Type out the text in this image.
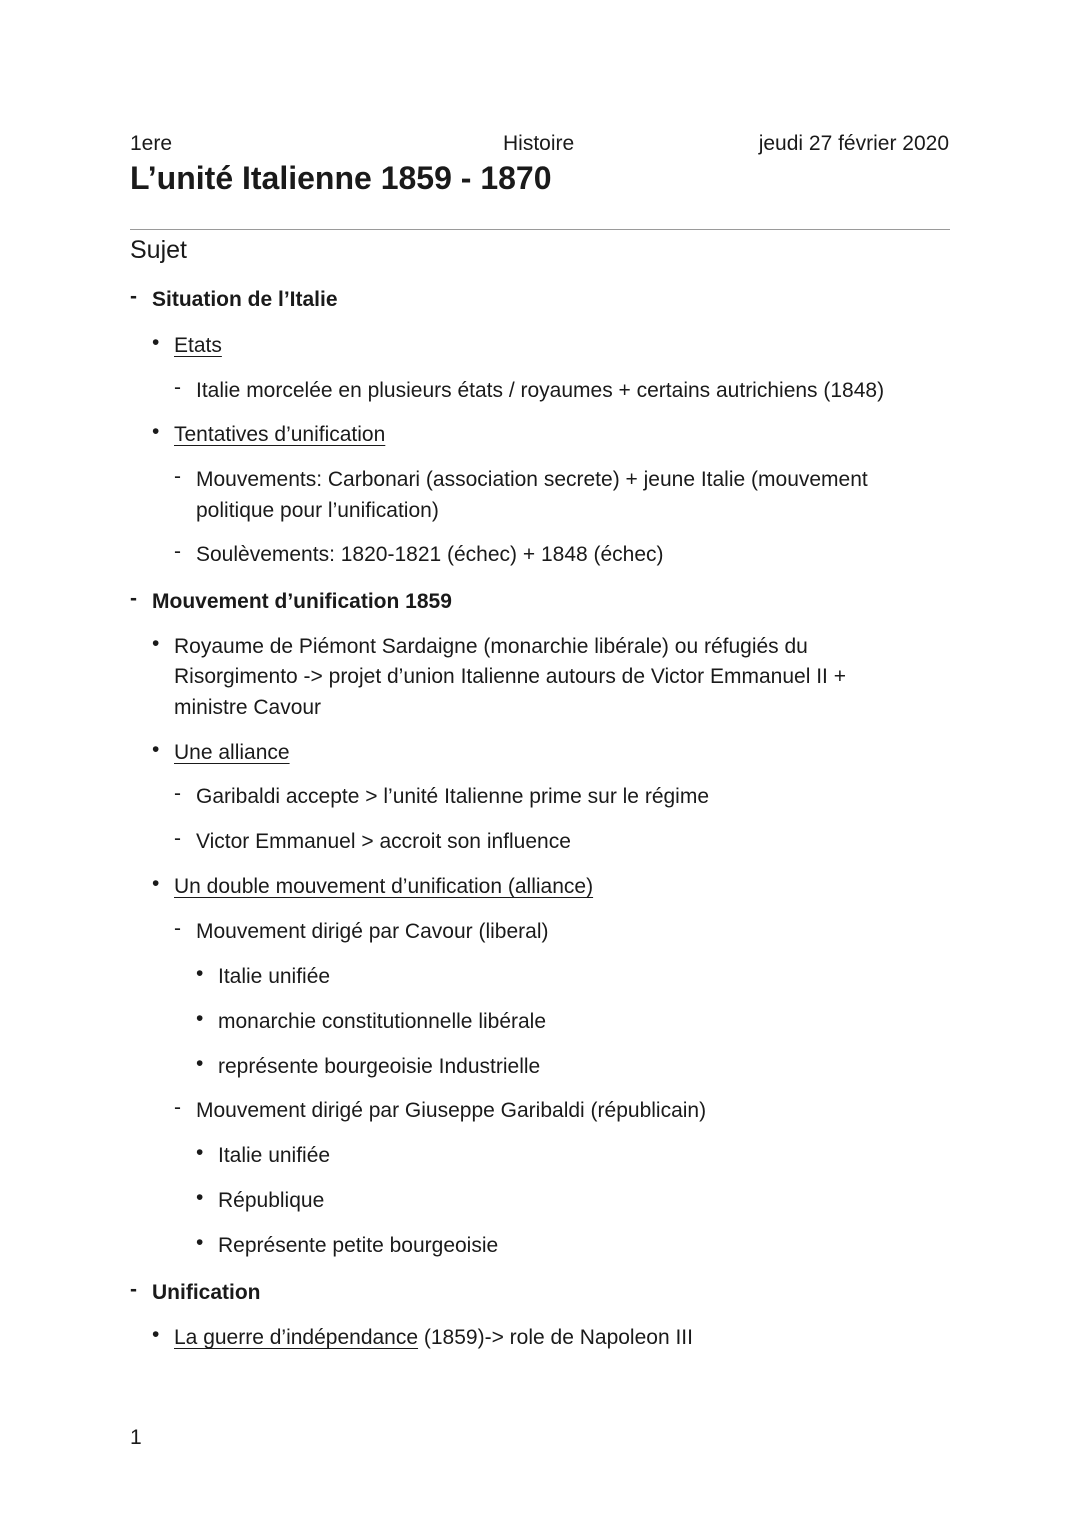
1ere	Histoire	jeudi 27 février 2020
L’unité Italienne 1859 - 1870
Sujet
- Situation de l’Italie
• Etats
- Italie morcelée en plusieurs états / royaumes + certains autrichiens (1848)
• Tentatives d’unification
- Mouvements: Carbonari (association secrete) + jeune Italie (mouvement
politique pour l’unification)
- Soulèvements: 1820-1821 (échec) + 1848 (échec)
- Mouvement d’unification 1859
• Royaume de Piémont Sardaigne (monarchie libérale) ou réfugiés du
Risorgimento -> projet d’union Italienne autours de Victor Emmanuel II +
ministre Cavour
• Une alliance
- Garibaldi accepte > l’unité Italienne prime sur le régime
- Victor Emmanuel > accroit son influence
• Un double mouvement d’unification (alliance)
- Mouvement dirigé par Cavour (liberal)
• Italie unifiée
• monarchie constitutionnelle libérale
• représente bourgeoisie Industrielle
- Mouvement dirigé par Giuseppe Garibaldi (républicain)
• Italie unifiée
• République
• Représente petite bourgeoisie
- Unification
• La guerre d’indépendance (1859)-> role de Napoleon III
1
